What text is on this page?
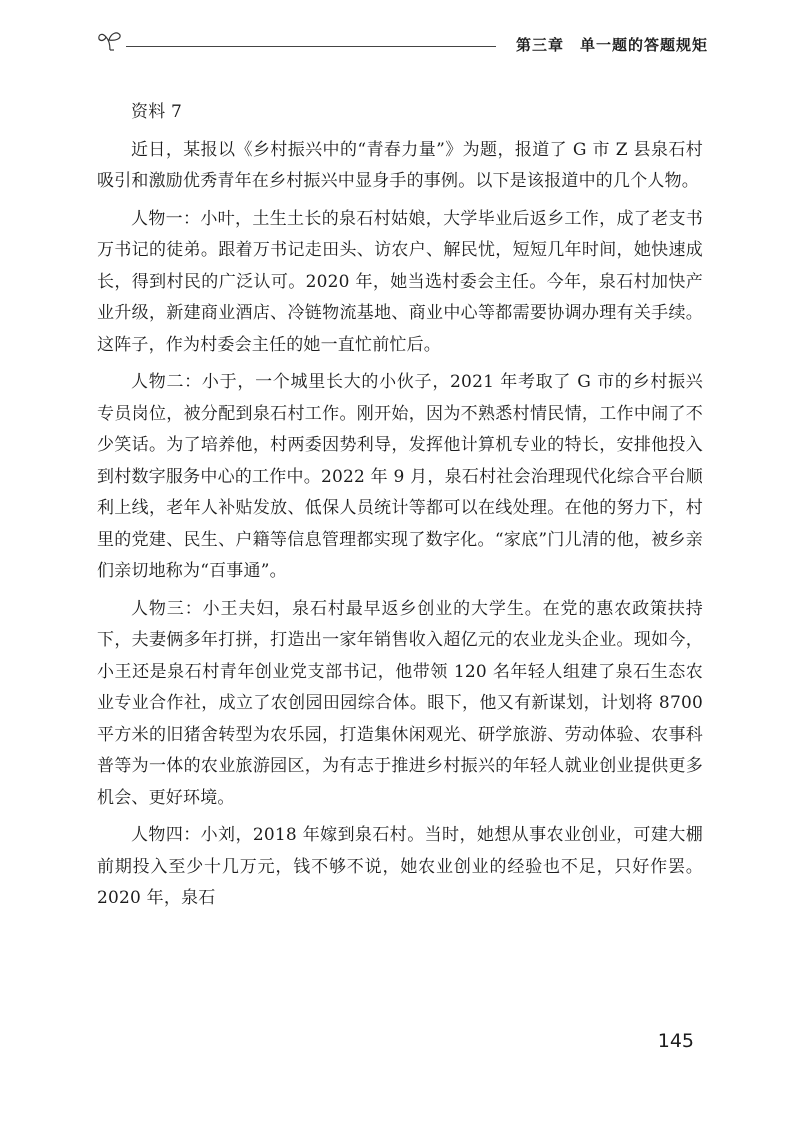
第三章　单一题的答题规矩

资料 7

近日，某报以《乡村振兴中的“青春力量”》为题，报道了 G 市 Z 县泉石村吸引和激励优秀青年在乡村振兴中显身手的事例。以下是该报道中的几个人物。

人物一：小叶，土生土长的泉石村姑娘，大学毕业后返乡工作，成了老支书万书记的徒弟。跟着万书记走田头、访农户、解民忧，短短几年时间，她快速成长，得到村民的广泛认可。2020 年，她当选村委会主任。今年，泉石村加快产业升级，新建商业酒店、冷链物流基地、商业中心等都需要协调办理有关手续。这阵子，作为村委会主任的她一直忙前忙后。

人物二：小于，一个城里长大的小伙子，2021 年考取了 G 市的乡村振兴专员岗位，被分配到泉石村工作。刚开始，因为不熟悉村情民情，工作中闹了不少笑话。为了培养他，村两委因势利导，发挥他计算机专业的特长，安排他投入到村数字服务中心的工作中。2022 年 9 月，泉石村社会治理现代化综合平台顺利上线，老年人补贴发放、低保人员统计等都可以在线处理。在他的努力下，村里的党建、民生、户籍等信息管理都实现了数字化。“家底”门儿清的他，被乡亲们亲切地称为“百事通”。

人物三：小王夫妇，泉石村最早返乡创业的大学生。在党的惠农政策扶持下，夫妻俩多年打拼，打造出一家年销售收入超亿元的农业龙头企业。现如今，小王还是泉石村青年创业党支部书记，他带领 120 名年轻人组建了泉石生态农业专业合作社，成立了农创园田园综合体。眼下，他又有新谋划，计划将 8700 平方米的旧猪舍转型为农乐园，打造集休闲观光、研学旅游、劳动体验、农事科普等为一体的农业旅游园区，为有志于推进乡村振兴的年轻人就业创业提供更多机会、更好环境。

人物四：小刘，2018 年嫁到泉石村。当时，她想从事农业创业，可建大棚前期投入至少十几万元，钱不够不说，她农业创业的经验也不足，只好作罢。2020 年，泉石

145
